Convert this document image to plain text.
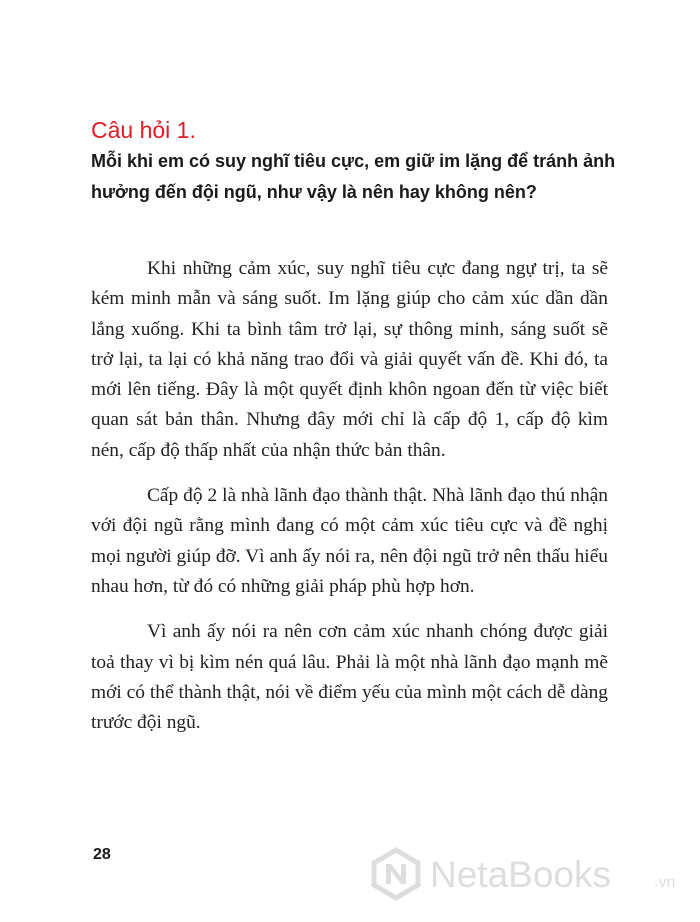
Câu hỏi 1.
Mỗi khi em có suy nghĩ tiêu cực, em giữ im lặng để tránh ảnh hưởng đến đội ngũ, như vậy là nên hay không nên?

Khi những cảm xúc, suy nghĩ tiêu cực đang ngự trị, ta sẽ kém minh mẫn và sáng suốt. Im lặng giúp cho cảm xúc dần dần lắng xuống. Khi ta bình tâm trở lại, sự thông minh, sáng suốt sẽ trở lại, ta lại có khả năng trao đổi và giải quyết vấn đề. Khi đó, ta mới lên tiếng. Đây là một quyết định khôn ngoan đến từ việc biết quan sát bản thân. Nhưng đây mới chỉ là cấp độ 1, cấp độ kìm nén, cấp độ thấp nhất của nhận thức bản thân.

Cấp độ 2 là nhà lãnh đạo thành thật. Nhà lãnh đạo thú nhận với đội ngũ rằng mình đang có một cảm xúc tiêu cực và đề nghị mọi người giúp đỡ. Vì anh ấy nói ra, nên đội ngũ trở nên thấu hiểu nhau hơn, từ đó có những giải pháp phù hợp hơn.

Vì anh ấy nói ra nên cơn cảm xúc nhanh chóng được giải toả thay vì bị kìm nén quá lâu. Phải là một nhà lãnh đạo mạnh mẽ mới có thể thành thật, nói về điểm yếu của mình một cách dễ dàng trước đội ngũ.

28	NetaBooks	.vn
